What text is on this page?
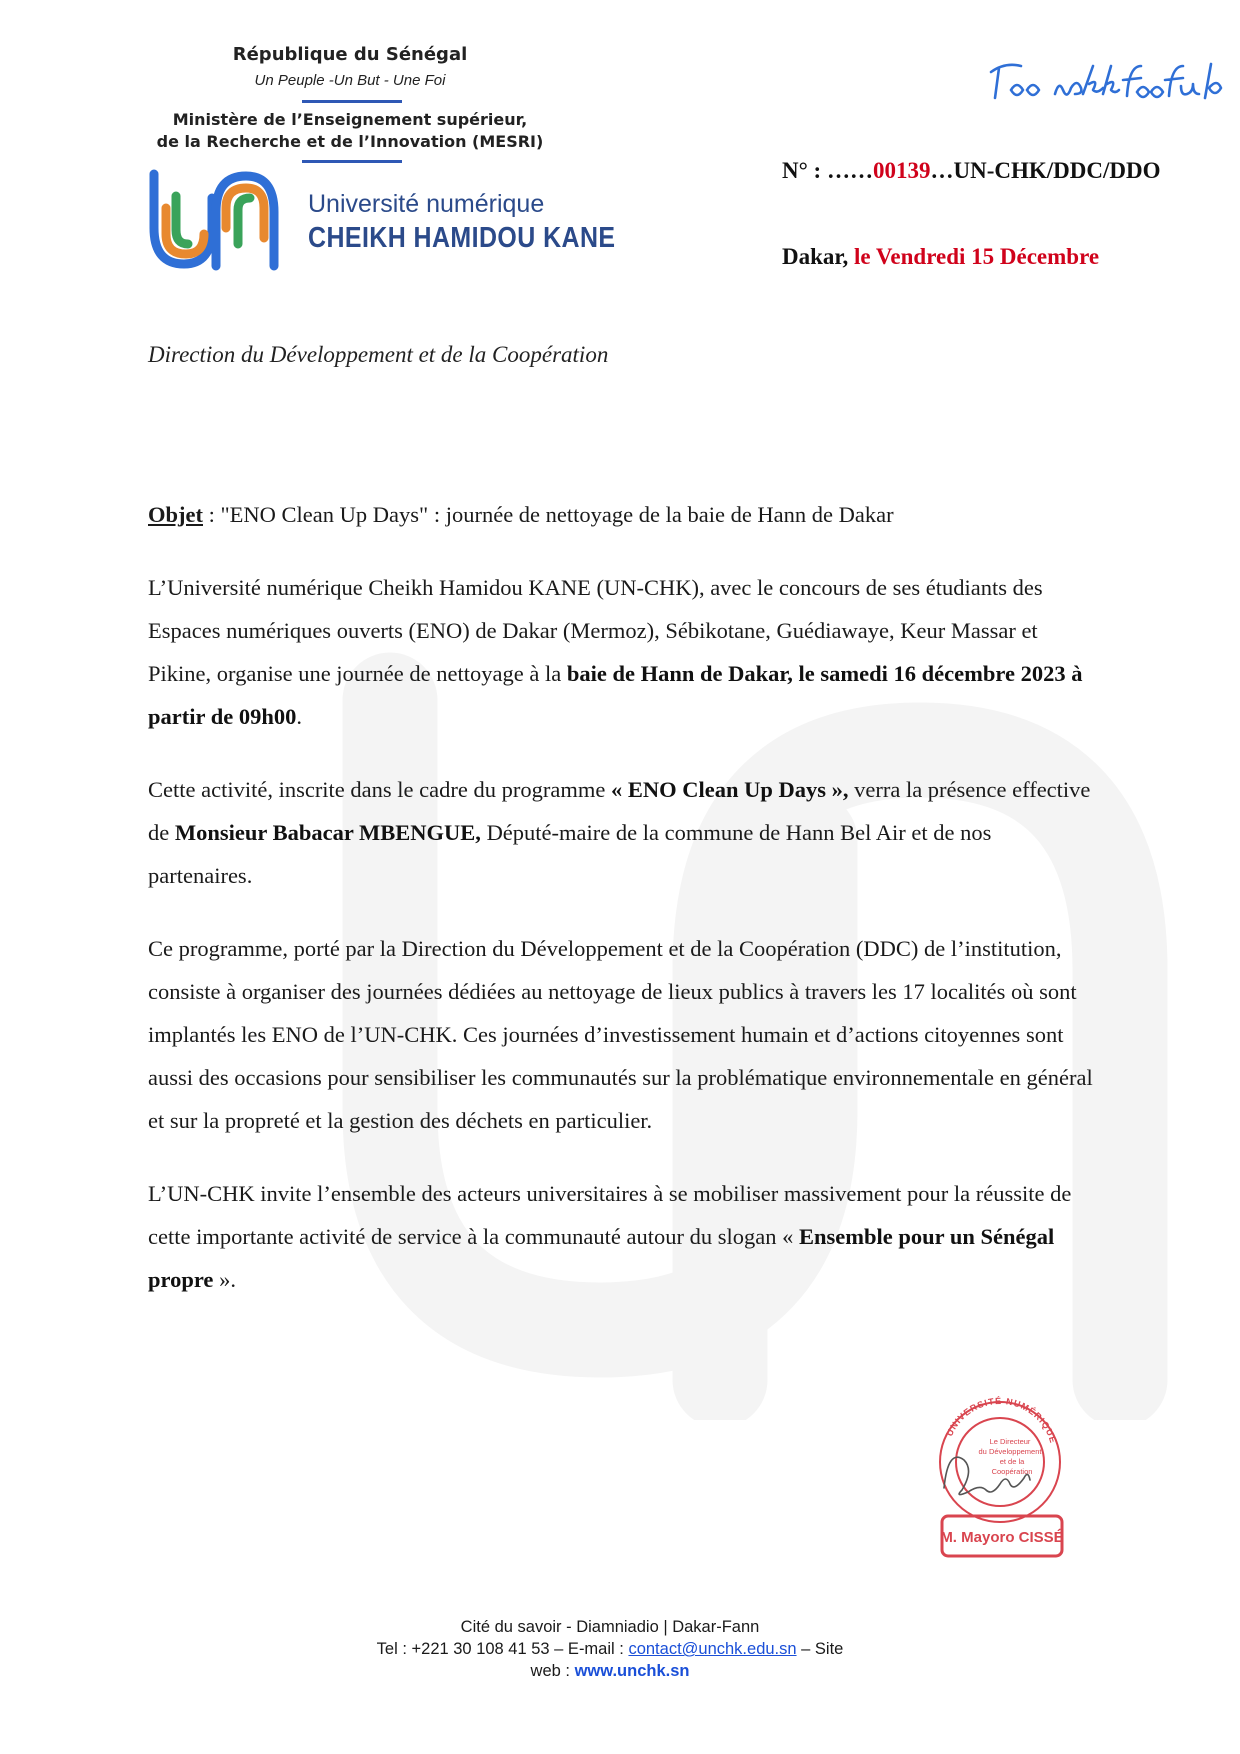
République du Sénégal
Un Peuple -Un But - Une Foi
Ministère de l’Enseignement supérieur,
de la Recherche et de l’Innovation (MESRI)
Université numérique
CHEIKH HAMIDOU KANE
N° : ……00139…UN-CHK/DDC/DDO
Dakar, le Vendredi 15 Décembre
Direction du Développement et de la Coopération

Objet : "ENO Clean Up Days" : journée de nettoyage de la baie de Hann de Dakar

L’Université numérique Cheikh Hamidou KANE (UN-CHK), avec le concours de ses étudiants des Espaces numériques ouverts (ENO) de Dakar (Mermoz), Sébikotane, Guédiawaye, Keur Massar et Pikine, organise une journée de nettoyage à la baie de Hann de Dakar, le samedi 16 décembre 2023 à partir de 09h00.

Cette activité, inscrite dans le cadre du programme « ENO Clean Up Days », verra la présence effective de Monsieur Babacar MBENGUE, Député-maire de la commune de Hann Bel Air et de nos partenaires.

Ce programme, porté par la Direction du Développement et de la Coopération (DDC) de l’institution, consiste à organiser des journées dédiées au nettoyage de lieux publics à travers les 17 localités où sont implantés les ENO de l’UN-CHK. Ces journées d’investissement humain et d’actions citoyennes sont aussi des occasions pour sensibiliser les communautés sur la problématique environnementale en général et sur la propreté et la gestion des déchets en particulier.

L’UN-CHK invite l’ensemble des acteurs universitaires à se mobiliser massivement pour la réussite de cette importante activité de service à la communauté autour du slogan « Ensemble pour un Sénégal propre ».

UNIVERSITÉ NUMÉRIQUE
Le Directeur
du Développement
et de la
Coopération
M. Mayoro CISSÉ
Cité du savoir - Diamniadio | Dakar-Fann
Tel : +221 30 108 41 53 – E-mail : contact@unchk.edu.sn – Site
web : www.unchk.sn
